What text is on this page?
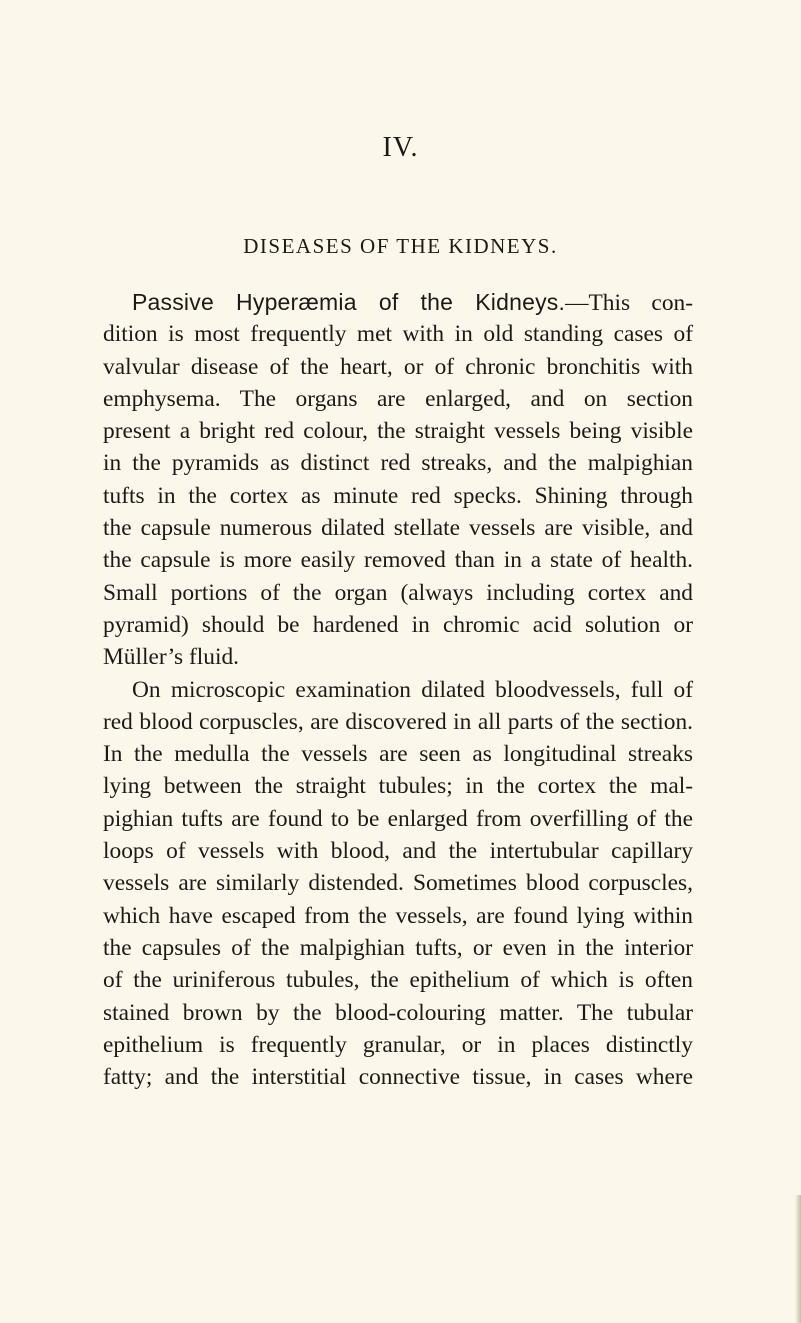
IV.
DISEASES OF THE KIDNEYS.
Passive Hyperæmia of the Kidneys.—This con-
dition is most frequently met with in old standing cases of
valvular disease of the heart, or of chronic bronchitis with
emphysema. The organs are enlarged, and on section
present a bright red colour, the straight vessels being visible
in the pyramids as distinct red streaks, and the malpighian
tufts in the cortex as minute red specks. Shining through
the capsule numerous dilated stellate vessels are visible, and
the capsule is more easily removed than in a state of health.
Small portions of the organ (always including cortex and
pyramid) should be hardened in chromic acid solution or
Müller’s fluid.
On microscopic examination dilated bloodvessels, full of
red blood corpuscles, are discovered in all parts of the section.
In the medulla the vessels are seen as longitudinal streaks
lying between the straight tubules; in the cortex the mal-
pighian tufts are found to be enlarged from overfilling of the
loops of vessels with blood, and the intertubular capillary
vessels are similarly distended. Sometimes blood corpuscles,
which have escaped from the vessels, are found lying within
the capsules of the malpighian tufts, or even in the interior
of the uriniferous tubules, the epithelium of which is often
stained brown by the blood-colouring matter. The tubular
epithelium is frequently granular, or in places distinctly
fatty; and the interstitial connective tissue, in cases where
